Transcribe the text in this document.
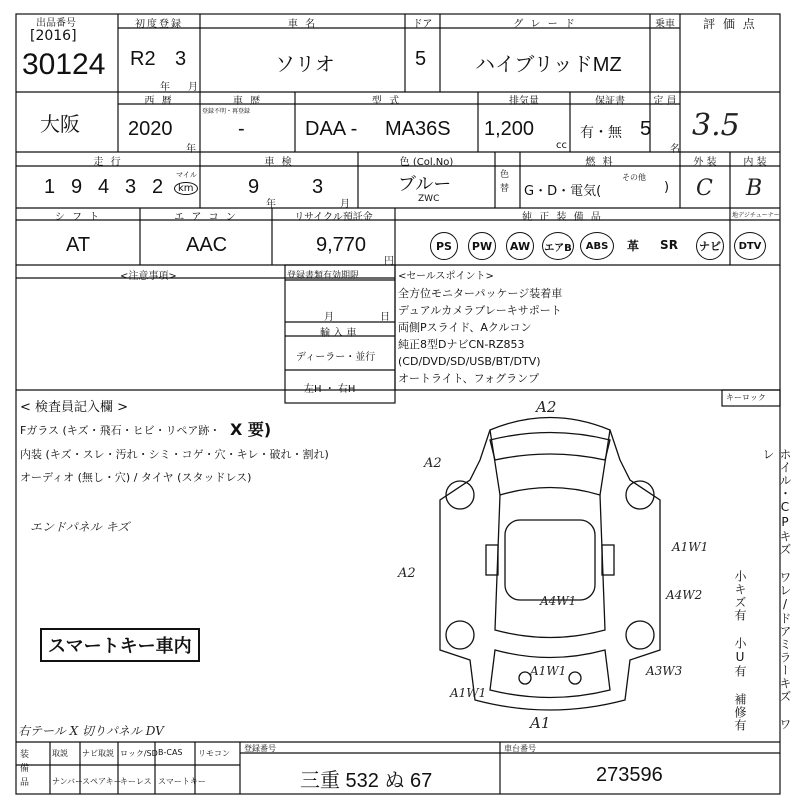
出品番号
[2016]
30124
初度登録
R2 3
年 月
車 名
ソリオ
ドア
5
グ レ ー ド
ハイブリッドMZ
乗車	評 価 点
3.5
大阪
西 暦
2020
年
車 歴
登録不明・再登録
-
型 式
DAA - MA36S
排気量
1,200
cc
保証書
有・無
定 員
5
名
走 行
1 9 4 3 2
マイル
km
車 検
9
年
3
月
色 (Col.No)
ブルー
ZWC
色替
燃 料
G・D・電気(
その他
)
外 装
C
内 装
B
シ フ ト
AT
エ ア コ ン
AAC
リサイクル預託金
9,770
円
純 正 装 備 品	地デジチューナー
PS	PW	AW	エアB	ABS	革	SR	ナビ	DTV
<注意事項>	登録書類有効期限
月	日
輸 入 車
ディーラー・並行
左H ・ 右H
<セールスポイント>
全方位モニターパッケージ装着車
デュアルカメラブレーキサポート
両側Pスライド、Aクルコン
純正8型DナビCN-RZ853
(CD/DVD/SD/USB/BT/DTV)
オートライト、フォグランプ
< 検査員記入欄 >
Fガラス (キズ・飛石・ヒビ・リペア跡・ X 要)
内装 (キズ・スレ・汚れ・シミ・コゲ・穴・キレ・破れ・割れ)
オーディオ (無し・穴) / タイヤ (スタッドレス)
エンドパネル キズ
スマートキー車内
右テール X 切りパネル DV
キーロック
A2
A2
A2
A1W1
A4W1	A4W2
A3W3
A1W1
A1W1
A1	ホイル・CPキズ ワレ/ドアミラーキズ ワレ
小キズ有 小U有 補修有
装備品
取説 ナビ取説 ロック/SD B-CAS リモコン
ナンバー
スペアキー
キーレス スマートキー
登録番号
三重 532 ぬ 67
車台番号
273596
